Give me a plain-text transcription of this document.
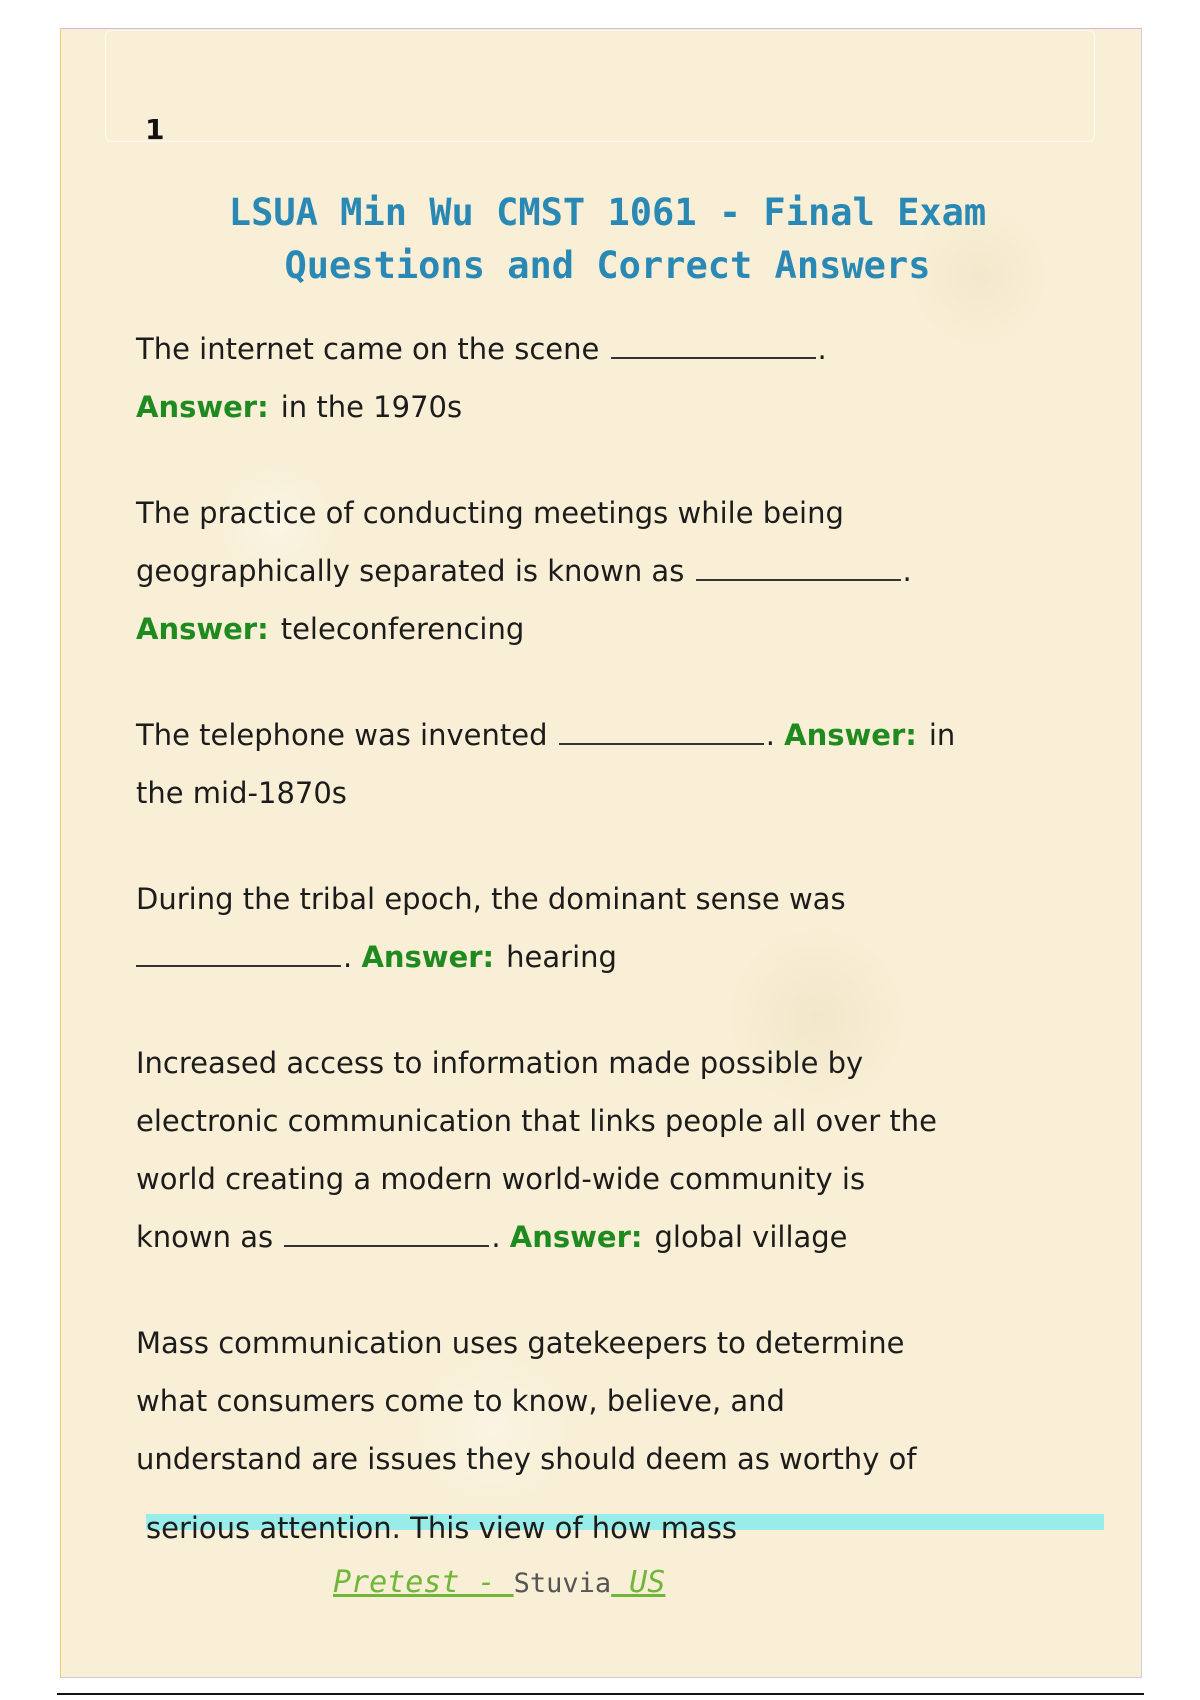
1
LSUA Min Wu CMST 1061 - Final Exam Questions and Correct Answers

The internet came on the scene	.
Answer: in the 1970s

The practice of conducting meetings while being
geographically separated is known as	.
Answer: teleconferencing

The telephone was invented	. Answer: in
the mid-1870s

During the tribal epoch, the dominant sense was
. Answer: hearing

Increased access to information made possible by
electronic communication that links people all over the
world creating a modern world-wide community is
known as	. Answer: global village

Mass communication uses gatekeepers to determine
what consumers come to know, believe, and
understand are issues they should deem as worthy of

serious attention. This view of how mass
Pretest - Stuvia US
